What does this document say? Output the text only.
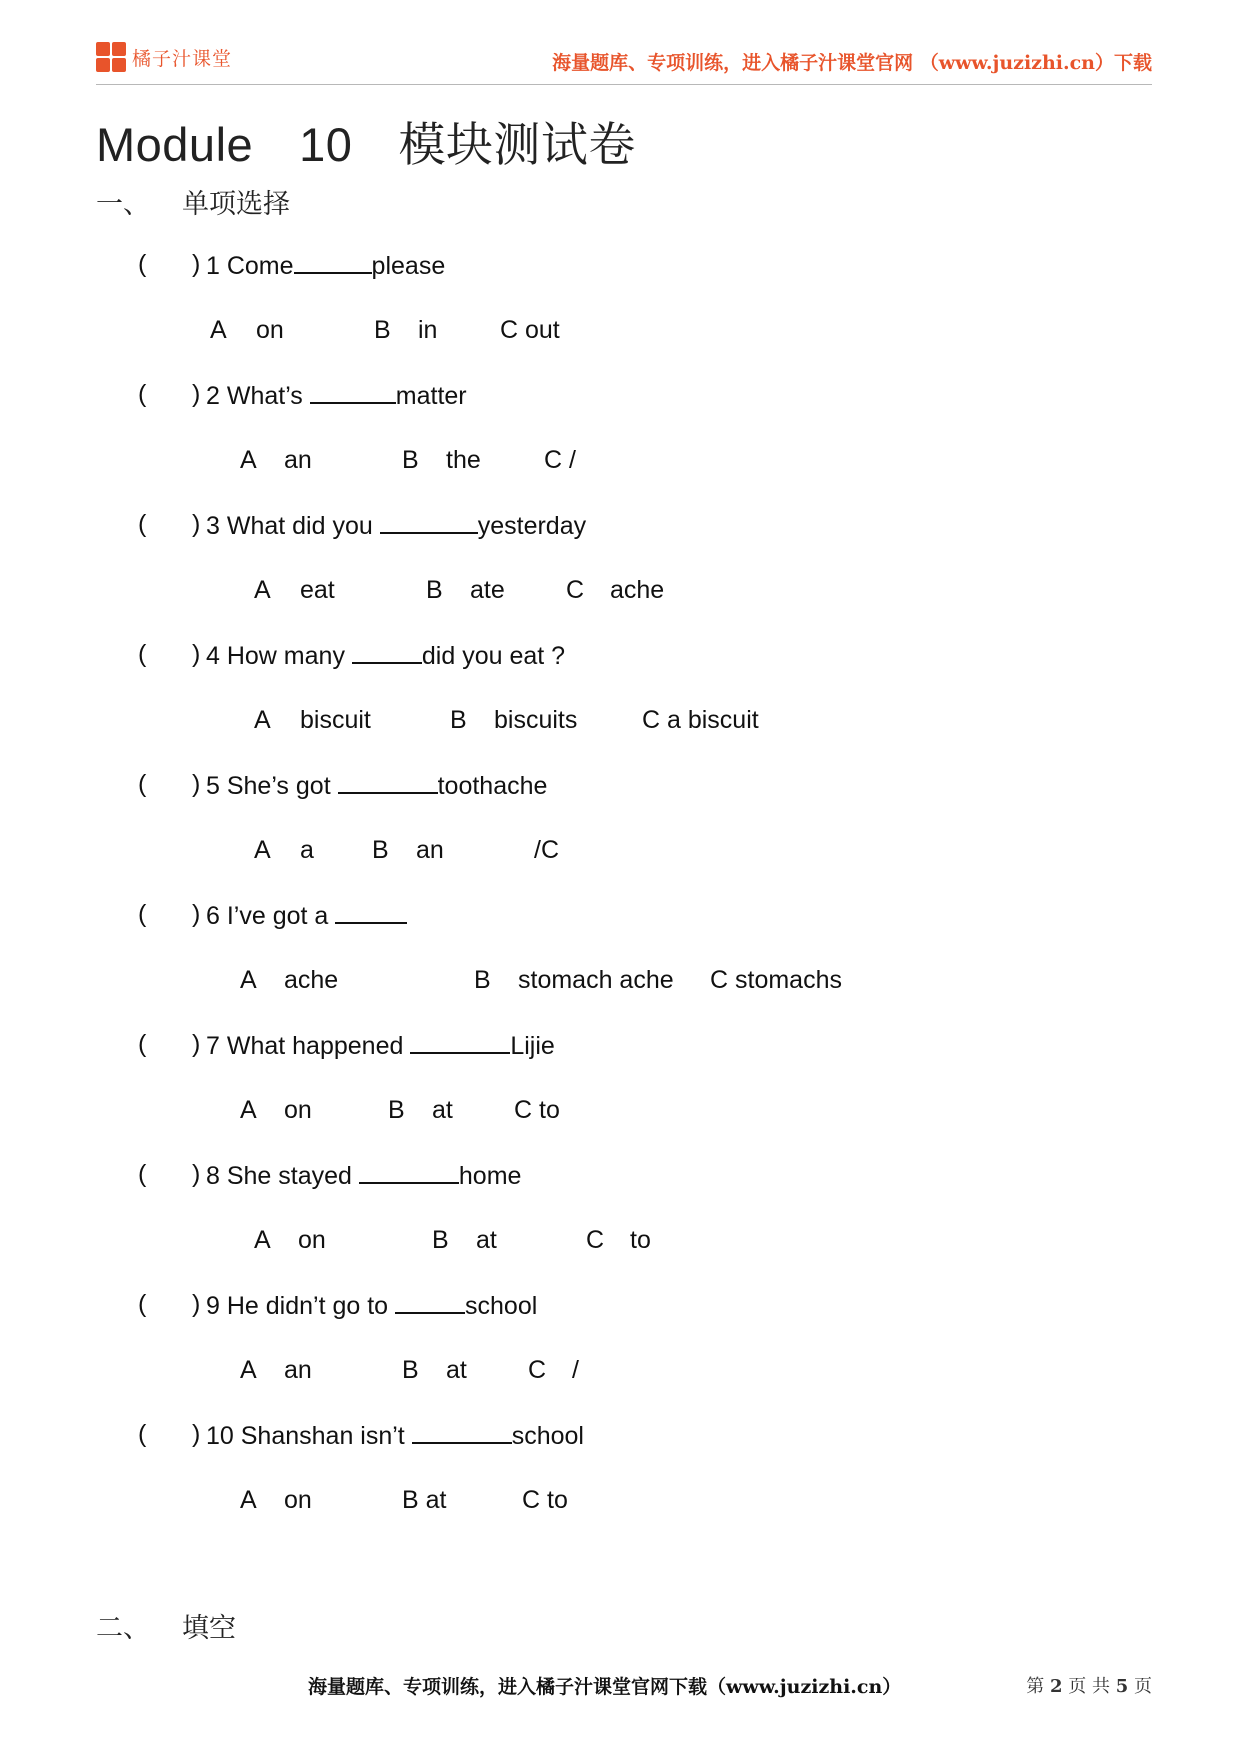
橘子汁课堂	海量题库、专项训练，进入橘子汁课堂官网 （www.juzizhi.cn）下载
Module 10 模块测试卷
一、 单项选择
( ) 1 Come	please
A on	B in	C out
( ) 2 What’s	matter
A an	B the	C /
( ) 3 What did you	yesterday
A eat	B ate C ache
( ) 4 How many	did you eat ?
A biscuit	B biscuits	C a biscuit
( ) 5 She’s got	toothache
A a B an	/C
( ) 6 I’ve got a
A ache	B stomach ache C stomachs
( ) 7 What happened	Lijie
A on	B at C to
( ) 8 She stayed	home
A on	B at	C to
( ) 9 He didn’t go to	school
A an	B at C /
( ) 10 Shanshan isn’t	school
A on	B at	C to
二、 填空
海量题库、专项训练，进入橘子汁课堂官网下载（www.juzizhi.cn）	第 2 页 共 5 页
